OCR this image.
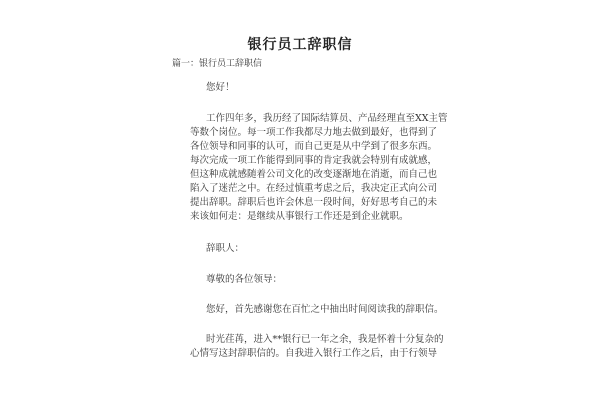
银行员工辞职信
篇一：银行员工辞职信
您好！
工作四年多，我历经了国际结算员、产品经理直至XX主管
等数个岗位。每一项工作我都尽力地去做到最好，也得到了
各位领导和同事的认可，而自己更是从中学到了很多东西。
每次完成一项工作能得到同事的肯定我就会特别有成就感，
但这种成就感随着公司文化的改变逐渐地在消逝，而自己也
陷入了迷茫之中。在经过慎重考虑之后，我决定正式向公司
提出辞职。辞职后也许会休息一段时间，好好思考自己的未
来该如何走：是继续从事银行工作还是到企业就职。
辞职人：
尊敬的各位领导：
您好，首先感谢您在百忙之中抽出时间阅读我的辞职信。
时光荏苒，进入**银行已一年之余，我是怀着十分复杂的
心情写这封辞职信的。自我进入银行工作之后，由于行领导
